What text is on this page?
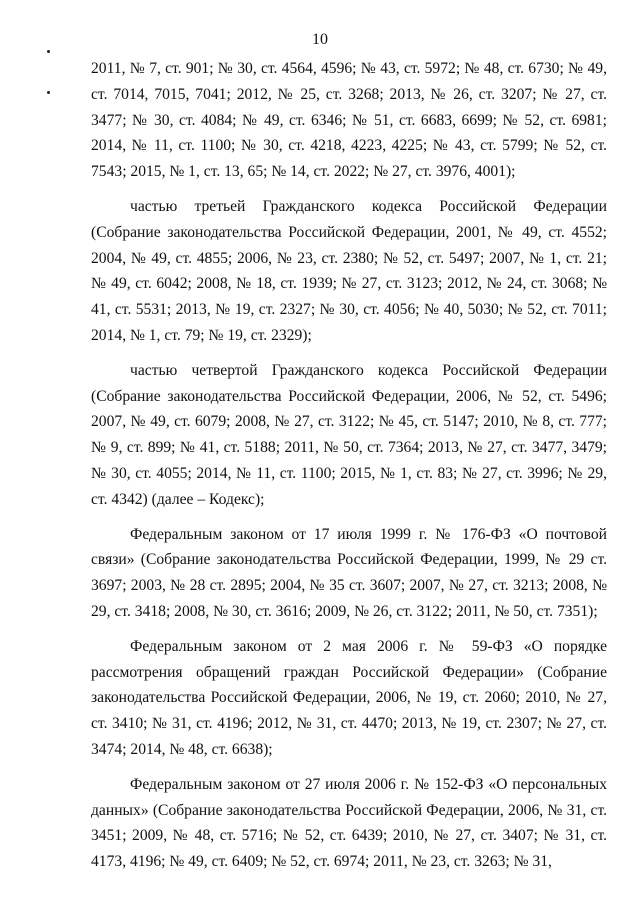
10

2011, № 7, ст. 901; № 30, ст. 4564, 4596; № 43, ст. 5972; № 48, ст. 6730; № 49, ст. 7014, 7015, 7041; 2012, № 25, ст. 3268; 2013, № 26, ст. 3207; № 27, ст. 3477; № 30, ст. 4084; № 49, ст. 6346; № 51, ст. 6683, 6699; № 52, ст. 6981; 2014, № 11, ст. 1100; № 30, ст. 4218, 4223, 4225; № 43, ст. 5799; № 52, ст. 7543; 2015, № 1, ст. 13, 65; № 14, ст. 2022; № 27, ст. 3976, 4001);

частью третьей Гражданского кодекса Российской Федерации (Собрание законодательства Российской Федерации, 2001, № 49, ст. 4552; 2004, № 49, ст. 4855; 2006, № 23, ст. 2380; № 52, ст. 5497; 2007, № 1, ст. 21; № 49, ст. 6042; 2008, № 18, ст. 1939; № 27, ст. 3123; 2012, № 24, ст. 3068; № 41, ст. 5531; 2013, № 19, ст. 2327; № 30, ст. 4056; № 40, 5030; № 52, ст. 7011; 2014, № 1, ст. 79; № 19, ст. 2329);

частью четвертой Гражданского кодекса Российской Федерации (Собрание законодательства Российской Федерации, 2006, № 52, ст. 5496; 2007, № 49, ст. 6079; 2008, № 27, ст. 3122; № 45, ст. 5147; 2010, № 8, ст. 777; № 9, ст. 899; № 41, ст. 5188; 2011, № 50, ст. 7364; 2013, № 27, ст. 3477, 3479; № 30, ст. 4055; 2014, № 11, ст. 1100; 2015, № 1, ст. 83; № 27, ст. 3996; № 29, ст. 4342) (далее – Кодекс);

Федеральным законом от 17 июля 1999 г. № 176-ФЗ «О почтовой связи» (Собрание законодательства Российской Федерации, 1999, № 29 ст. 3697; 2003, № 28 ст. 2895; 2004, № 35 ст. 3607; 2007, № 27, ст. 3213; 2008, № 29, ст. 3418; 2008, № 30, ст. 3616; 2009, № 26, ст. 3122; 2011, № 50, ст. 7351);

Федеральным законом от 2 мая 2006 г. № 59-ФЗ «О порядке рассмотрения обращений граждан Российской Федерации» (Собрание законодательства Российской Федерации, 2006, № 19, ст. 2060; 2010, № 27, ст. 3410; № 31, ст. 4196; 2012, № 31, ст. 4470; 2013, № 19, ст. 2307; № 27, ст. 3474; 2014, № 48, ст. 6638);

Федеральным законом от 27 июля 2006 г. № 152-ФЗ «О персональных данных» (Собрание законодательства Российской Федерации, 2006, № 31, ст. 3451; 2009, № 48, ст. 5716; № 52, ст. 6439; 2010, № 27, ст. 3407; № 31, ст. 4173, 4196; № 49, ст. 6409; № 52, ст. 6974; 2011, № 23, ст. 3263; № 31,
